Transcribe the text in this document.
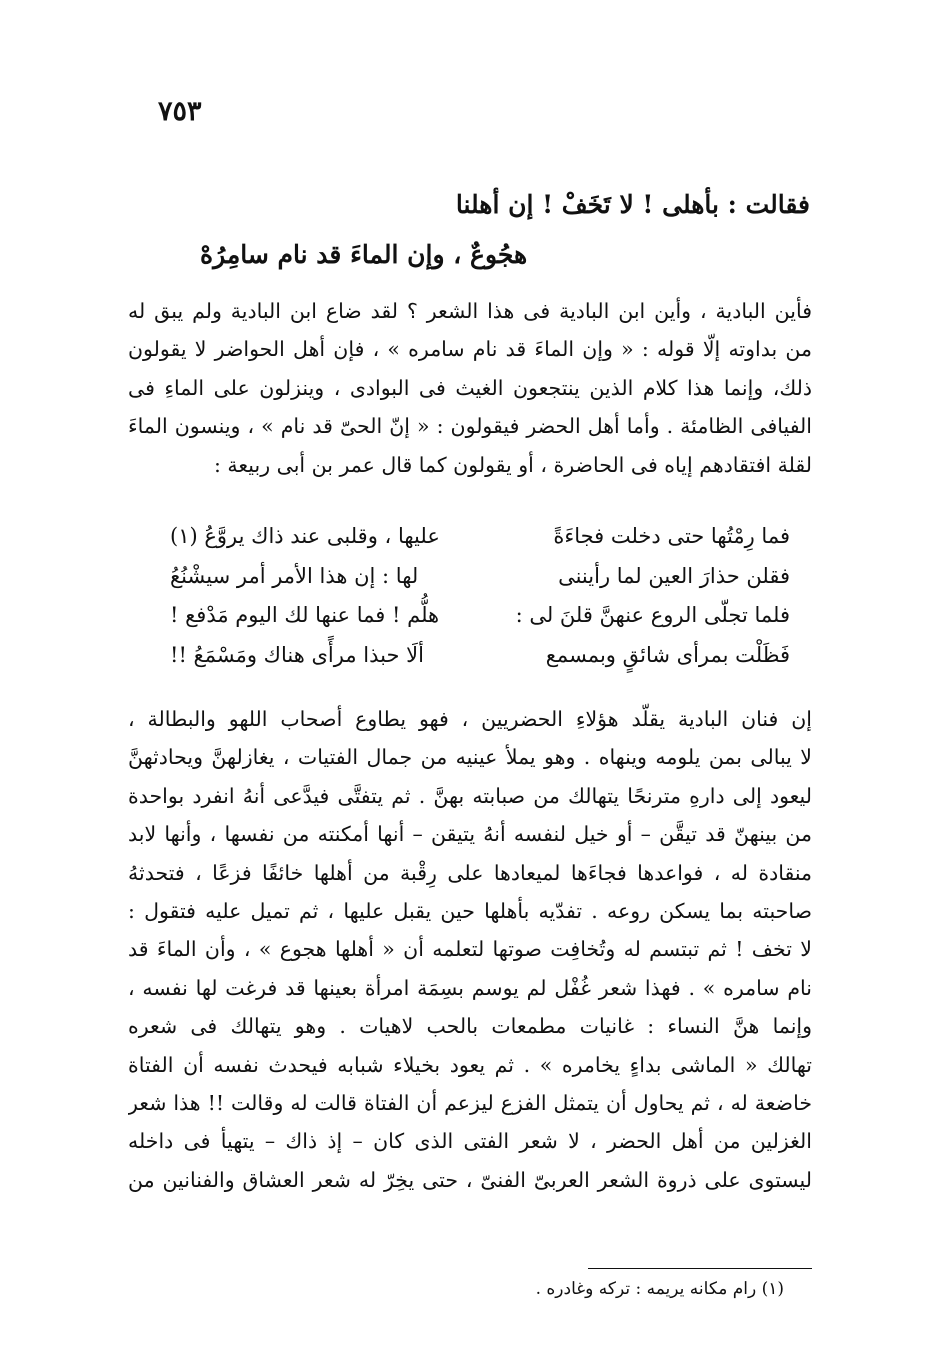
٧٥٣
فقالت : بأهلى ! لا تَخَفْ ! إن أهلنا
هجُوعٌ ، وإن الماءَ قد نام سامِرُهْ
فأين البادية ، وأين ابن البادية فى هذا الشعر ؟ لقد ضاع ابن البادية ولم يبق له
من بداوته إلّا قوله : « وإن الماءَ قد نام سامره » ، فإن أهل الحواضر لا يقولون
ذلك، وإنما هذا كلام الذين ينتجعون الغيث فى البوادى ، وينزلون على الماءِ فى
الفيافى الظامئة . وأما أهل الحضر فيقولون : « إنّ الحىّ قد نام » ، وينسون الماءَ
لقلة افتقادهم إياه فى الحاضرة ، أو يقولون كما قال عمر بن أبى ربيعة :
فما رِمْتُها حتى دخلت فجاءَةً
عليها ، وقلبى عند ذاك يروَّعُ (١)
فقلن حذارَ العين لما رأيننى
لها : إن هذا الأمر أمر سيشْنُعُ
فلما تجلّى الروع عنهنَّ قلنَ لى :
هلُّم ! فما عنها لك اليوم مَدْفع !
فَظَلْت بمرأى شائقٍ وبمسمع
ألَا حبذا مرأًى هناك ومَسْمَعُ !!
إن فنان البادية يقلّد هؤلاءِ الحضريين ، فهو يطاوع أصحاب اللهو والبطالة ،
لا يبالى بمن يلومه وينهاه . وهو يملأ عينيه من جمال الفتيات ، يغازلهنَّ ويحادثهنَّ
ليعود إلى دارهِ مترنحًا يتهالك من صبابته بهنَّ . ثم يتفتَّى فيدَّعى أنهُ انفرد بواحدة
من بينهنّ قد تيقَّن – أو خيل لنفسه أنهُ يتيقن – أنها أمكنته من نفسها ، وأنها لابد
منقادة له ، فواعدها فجاءَها لميعادها على رِقْبة من أهلها خائفًا فزعًا ، فتحدثهُ
صاحبته بما يسكن روعه . تفدّيه بأهلها حين يقبل عليها ، ثم تميل عليه فتقول :
لا تخف ! ثم تبتسم له وتُخافِت صوتها لتعلمه أن « أهلها هجوع » ، وأن الماءَ قد
نام سامره » . فهذا شعر غُفْل لم يوسم بسِمَة امرأة بعينها قد فرغت لها نفسه ،
وإنما هنَّ النساء : غانيات مطمعات بالحب لاهيات . وهو يتهالك فى شعره
تهالك « الماشى بداءٍ يخامره » . ثم يعود بخيلاء شبابه فيحدث نفسه أن الفتاة
خاضعة له ، ثم يحاول أن يتمثل الفزع ليزعم أن الفتاة قالت له وقالت !! هذا شعر
الغزلين من أهل الحضر ، لا شعر الفتى الذى كان – إذ ذاك – يتهيأ فى داخله
ليستوى على ذروة الشعر العربىّ الفنىّ ، حتى يخِرّ له شعر العشاق والفنانين من
(١) رام مكانه يريمه : تركه وغادره .
